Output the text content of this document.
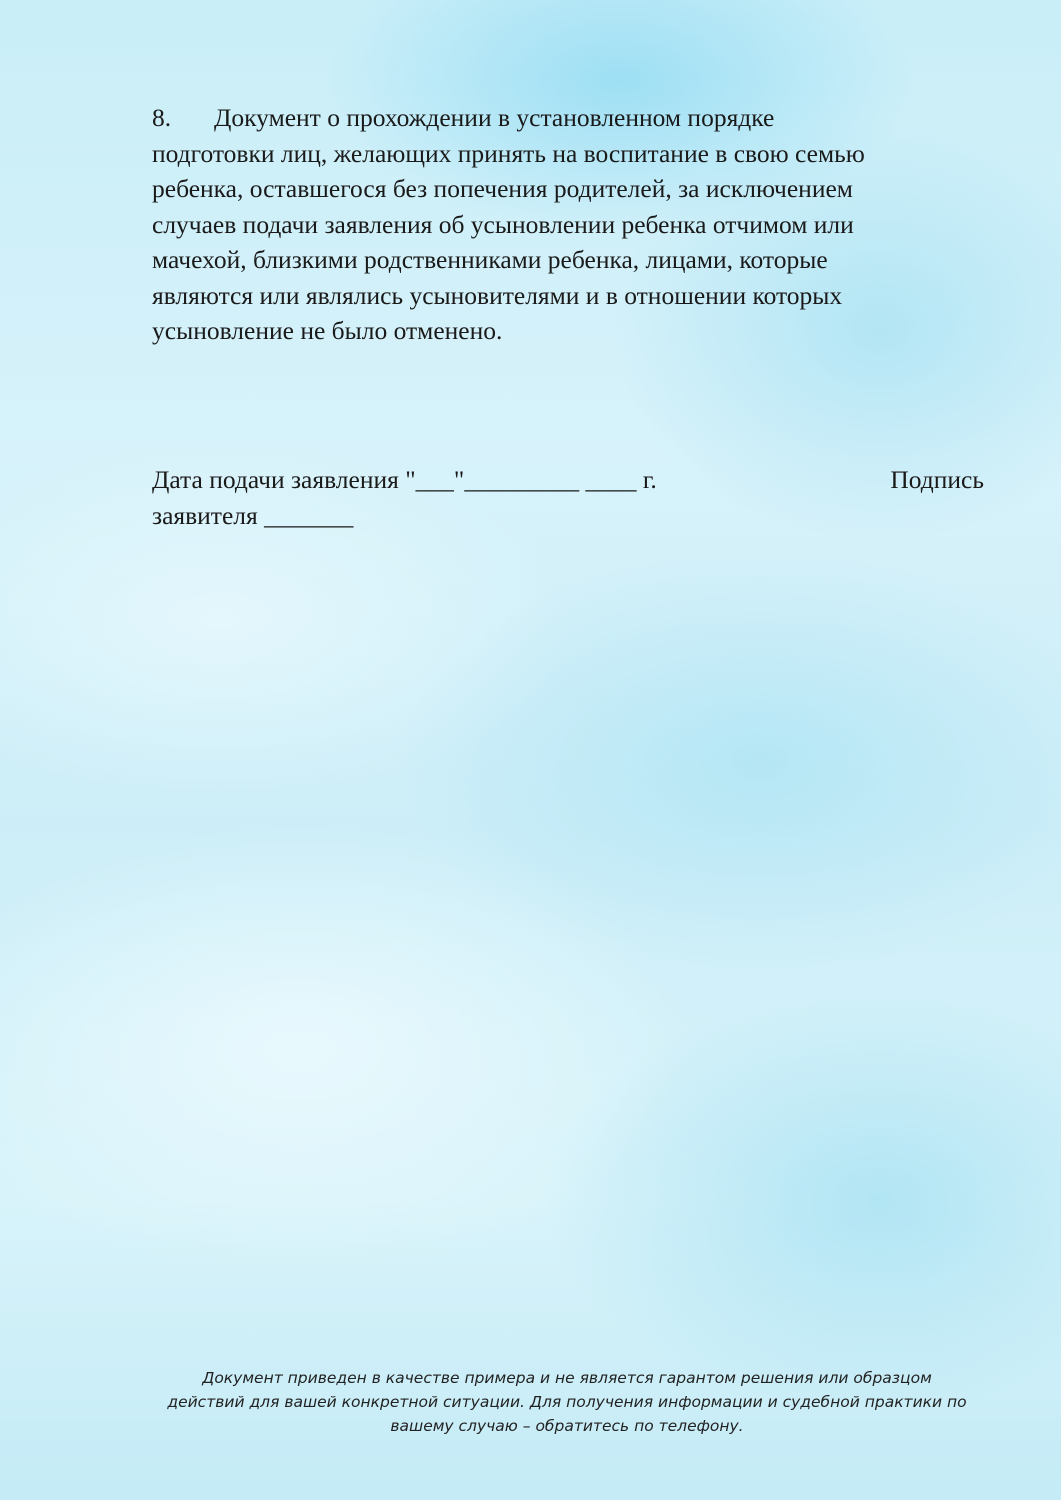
8. Документ о прохождении в установленном порядке
подготовки лиц, желающих принять на воспитание в свою семью
ребенка, оставшегося без попечения родителей, за исключением
случаев подачи заявления об усыновлении ребенка отчимом или
мачехой, близкими родственниками ребенка, лицами, которые
являются или являлись усыновителями и в отношении которых
усыновление не было отменено.
Дата подачи заявления "___"_________ ____ г.	Подпись
заявителя _______
Документ приведен в качестве примера и не является гарантом решения или образцом
действий для вашей конкретной ситуации. Для получения информации и судебной практики по
вашему случаю – обратитесь по телефону.
